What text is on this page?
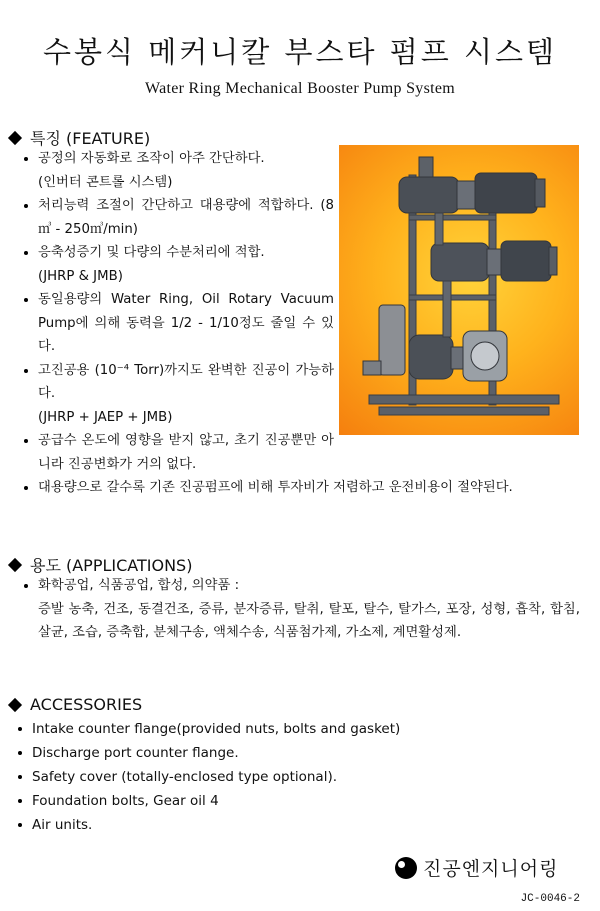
수봉식 메커니칼 부스타 펌프 시스템
Water Ring Mechanical Booster Pump System
특징 (FEATURE)
공정의 자동화로 조작이 아주 간단하다.
(인버터 콘트롤 시스템)
처리능력 조절이 간단하고 대용량에 적합하다. (8㎥ - 250㎥/min)
응축성증기 및 다량의 수분처리에 적합.
(JHRP & JMB)
동일용량의 Water Ring, Oil Rotary Vacuum Pump에 의해 동력을 1/2 - 1/10정도 줄일 수 있다.
고진공용 (10⁻⁴ Torr)까지도 완벽한 진공이 가능하다.
(JHRP + JAEP + JMB)
공급수 온도에 영향을 받지 않고, 초기 진공뿐만 아니라 진공변화가 거의 없다.
대용량으로 갈수록 기존 진공펌프에 비해 투자비가 저렴하고 운전비용이 절약된다.
용도 (APPLICATIONS)
화학공업, 식품공업, 합성, 의약품 :
증발 농축, 건조, 동결건조, 증류, 분자증류, 탈취, 탈포, 탈수, 탈가스, 포장, 성형, 흡착, 합침, 살균, 조습, 증축합, 분체구송, 액체수송, 식품첨가제, 가소제, 계면활성제.
ACCESSORIES
Intake counter flange(provided nuts, bolts and gasket)
Discharge port counter flange.
Safety cover (totally-enclosed type optional).
Foundation bolts, Gear oil 4
Air units.
진공엔지니어링
JC-0046-2
